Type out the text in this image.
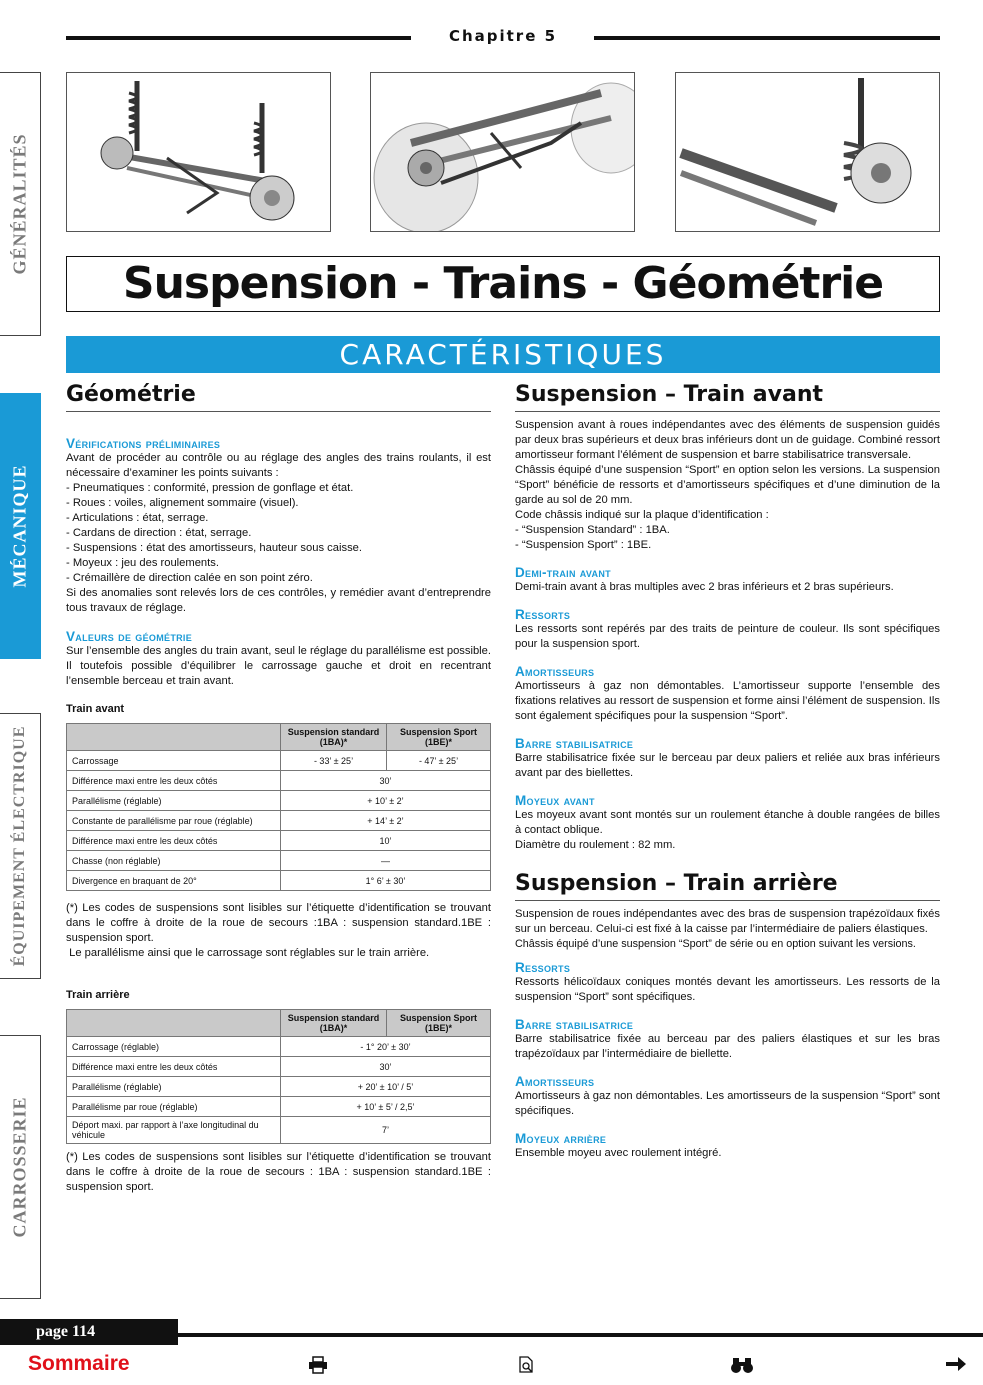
Chapitre 5
GÉNÉRALITÉS
MÉCANIQUE
ÉQUIPEMENT ÉLECTRIQUE
CARROSSERIE
Suspension - Trains - Géométrie
CARACTÉRISTIQUES
Géométrie
Vérifications préliminaires

Avant de procéder au contrôle ou au réglage des angles des trains roulants, il est nécessaire d’examiner les points suivants :

- Pneumatiques : conformité, pression de gonflage et état.

- Roues : voiles, alignement sommaire (visuel).

- Articulations : état, serrage.

- Cardans de direction : état, serrage.

- Suspensions : état des amortisseurs, hauteur sous caisse.

- Moyeux : jeu des roulements.

- Crémaillère de direction calée en son point zéro.

Si des anomalies sont relevés lors de ces contrôles, y remédier avant d’entreprendre tous travaux de réglage.

Valeurs de géométrie

Sur l’ensemble des angles du train avant, seul le réglage du parallélisme est possible. Il toutefois possible d’équilibrer le carrossage gauche et droit en recentrant l’ensemble berceau et train avant.

Train avant

	Suspension standard (1BA)*	Suspension Sport (1BE)*
Carrossage	- 33’ ± 25’	- 47’ ± 25’
Différence maxi entre les deux côtés	30’	
Parallélisme (réglable)	+ 10’ ± 2’	
Constante de parallélisme par roue (réglable)	+ 14’ ± 2’	
Différence maxi entre les deux côtés	10’	
Chasse (non réglable)	—	
Divergence en braquant de 20°	1° 6’ ± 30’	

(*) Les codes de suspensions sont lisibles sur l’étiquette d’identification se trouvant dans le coffre à droite de la roue de secours :1BA : suspension standard.1BE : suspension sport.

Le parallélisme ainsi que le carrossage sont réglables sur le train arrière.

Train arrière

	Suspension standard (1BA)*	Suspension Sport (1BE)*
Carrossage (réglable)	- 1° 20’ ± 30’	
Différence maxi entre les deux côtés	30’	
Parallélisme (réglable)	+ 20’ ± 10’ / 5’	
Parallélisme par roue (réglable)	+ 10’ ± 5’ / 2,5’	
Déport maxi. par rapport à l’axe longitudinal du véhicule	7’	

(*) Les codes de suspensions sont lisibles sur l’étiquette d’identification se trouvant dans le coffre à droite de la roue de secours : 1BA : suspension standard.1BE : suspension sport.

Suspension – Train avant

Suspension avant à roues indépendantes avec des éléments de suspension guidés par deux bras supérieurs et deux bras inférieurs dont un de guidage. Combiné ressort amortisseur formant l’élément de suspension et barre stabilisatrice transversale.

Châssis équipé d’une suspension “Sport” en option selon les versions. La suspension “Sport” bénéficie de ressorts et d’amortisseurs spécifiques et d’une diminution de la garde au sol de 20 mm.

Code châssis indiqué sur la plaque d’identification :

- “Suspension Standard” : 1BA.

- “Suspension Sport” : 1BE.

Demi-train avant

Demi-train avant à bras multiples avec 2 bras inférieurs et 2 bras supérieurs.

Ressorts

Les ressorts sont repérés par des traits de peinture de couleur. Ils sont spécifiques pour la suspension sport.

Amortisseurs

Amortisseurs à gaz non démontables. L’amortisseur supporte l’ensemble des fixations relatives au ressort de suspension et forme ainsi l’élément de suspension. Ils sont également spécifiques pour la suspension “Sport”.

Barre stabilisatrice

Barre stabilisatrice fixée sur le berceau par deux paliers et reliée aux bras inférieurs avant par des biellettes.

Moyeux avant

Les moyeux avant sont montés sur un roulement étanche à double rangées de billes à contact oblique.

Diamètre du roulement : 82 mm.

Suspension – Train arrière

Suspension de roues indépendantes avec des bras de suspension trapézoïdaux fixés sur un berceau. Celui-ci est fixé à la caisse par l’intermédiaire de paliers élastiques.

Châssis équipé d’une suspension “Sport” de série ou en option suivant les versions.

Ressorts

Ressorts hélicoïdaux coniques montés devant les amortisseurs. Les ressorts de la suspension “Sport” sont spécifiques.

Barre stabilisatrice

Barre stabilisatrice fixée au berceau par des paliers élastiques et sur les bras trapézoïdaux par l’intermédiaire de biellette.

Amortisseurs

Amortisseurs à gaz non démontables. Les amortisseurs de la suspension “Sport” sont spécifiques.

Moyeux arrière

Ensemble moyeu avec roulement intégré.

page 114
Sommaire
